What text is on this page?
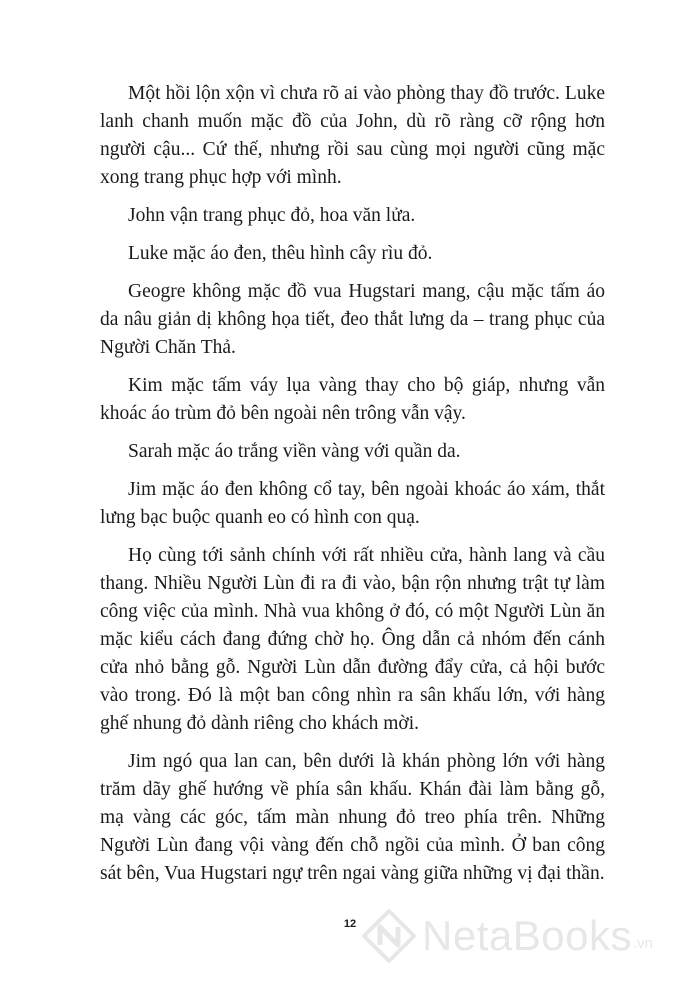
Một hồi lộn xộn vì chưa rõ ai vào phòng thay đồ trước. Luke lanh chanh muốn mặc đồ của John, dù rõ ràng cỡ rộng hơn người cậu... Cứ thế, nhưng rồi sau cùng mọi người cũng mặc xong trang phục hợp với mình.

John vận trang phục đỏ, hoa văn lửa.

Luke mặc áo đen, thêu hình cây rìu đỏ.

Geogre không mặc đồ vua Hugstari mang, cậu mặc tấm áo da nâu giản dị không họa tiết, đeo thắt lưng da – trang phục của Người Chăn Thả.

Kim mặc tấm váy lụa vàng thay cho bộ giáp, nhưng vẫn khoác áo trùm đỏ bên ngoài nên trông vẫn vậy.

Sarah mặc áo trắng viền vàng với quần da.

Jim mặc áo đen không cổ tay, bên ngoài khoác áo xám, thắt lưng bạc buộc quanh eo có hình con quạ.

Họ cùng tới sảnh chính với rất nhiều cửa, hành lang và cầu thang. Nhiều Người Lùn đi ra đi vào, bận rộn nhưng trật tự làm công việc của mình. Nhà vua không ở đó, có một Người Lùn ăn mặc kiểu cách đang đứng chờ họ. Ông dẫn cả nhóm đến cánh cửa nhỏ bằng gỗ. Người Lùn dẫn đường đẩy cửa, cả hội bước vào trong. Đó là một ban công nhìn ra sân khấu lớn, với hàng ghế nhung đỏ dành riêng cho khách mời.

Jim ngó qua lan can, bên dưới là khán phòng lớn với hàng trăm dãy ghế hướng về phía sân khấu. Khán đài làm bằng gỗ, mạ vàng các góc, tấm màn nhung đỏ treo phía trên. Những Người Lùn đang vội vàng đến chỗ ngồi của mình. Ở ban công sát bên, Vua Hugstari ngự trên ngai vàng giữa những vị đại thần.

12	NetaBooks .vn
